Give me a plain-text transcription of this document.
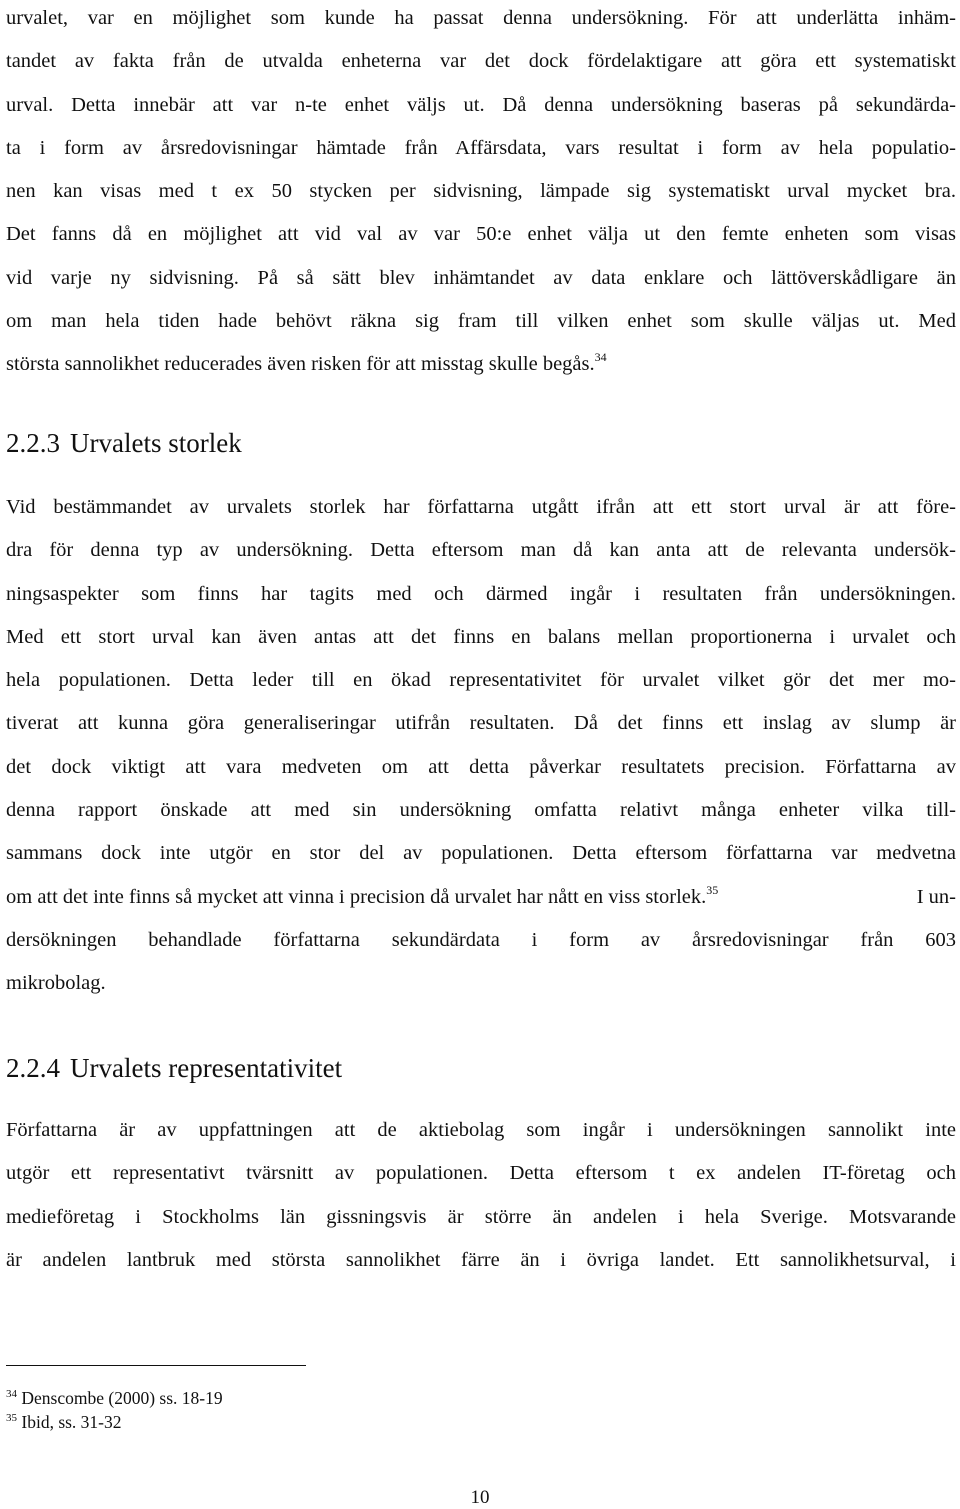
urvalet, var en möjlighet som kunde ha passat denna undersökning. För att underlätta inhäm-
tandet av fakta från de utvalda enheterna var det dock fördelaktigare att göra ett systematiskt
urval. Detta innebär att var n-te enhet väljs ut. Då denna undersökning baseras på sekundärda-
ta i form av årsredovisningar hämtade från Affärsdata, vars resultat i form av hela populatio-
nen kan visas med t ex 50 stycken per sidvisning, lämpade sig systematiskt urval mycket bra.
Det fanns då en möjlighet att vid val av var 50:e enhet välja ut den femte enheten som visas
vid varje ny sidvisning. På så sätt blev inhämtandet av data enklare och lättöverskådligare än
om man hela tiden hade behövt räkna sig fram till vilken enhet som skulle väljas ut. Med
största sannolikhet reducerades även risken för att misstag skulle begås.$^{34}$
2.2.3 Urvalets storlek
Vid bestämmandet av urvalets storlek har författarna utgått ifrån att ett stort urval är att före-
dra för denna typ av undersökning. Detta eftersom man då kan anta att de relevanta undersök-
ningsaspekter som finns har tagits med och därmed ingår i resultaten från undersökningen.
Med ett stort urval kan även antas att det finns en balans mellan proportionerna i urvalet och
hela populationen. Detta leder till en ökad representativitet för urvalet vilket gör det mer mo-
tiverat att kunna göra generaliseringar utifrån resultaten. Då det finns ett inslag av slump är
det dock viktigt att vara medveten om att detta påverkar resultatets precision. Författarna av
denna rapport önskade att med sin undersökning omfatta relativt många enheter vilka till-
sammans dock inte utgör en stor del av populationen. Detta eftersom författarna var medvetna
om att det inte finns så mycket att vinna i precision då urvalet har nått en viss storlek.$^{35}$	I un-
dersökningen behandlade författarna sekundärdata i form av årsredovisningar från 603
mikrobolag.
2.2.4 Urvalets representativitet
Författarna är av uppfattningen att de aktiebolag som ingår i undersökningen sannolikt inte
utgör ett representativt tvärsnitt av populationen. Detta eftersom t ex andelen IT-företag och
medieföretag i Stockholms län gissningsvis är större än andelen i hela Sverige. Motsvarande
är andelen lantbruk med största sannolikhet färre än i övriga landet. Ett sannolikhetsurval, i
$^{34}$ Denscombe (2000) ss. 18-19
$^{35}$ Ibid, ss. 31-32
10
